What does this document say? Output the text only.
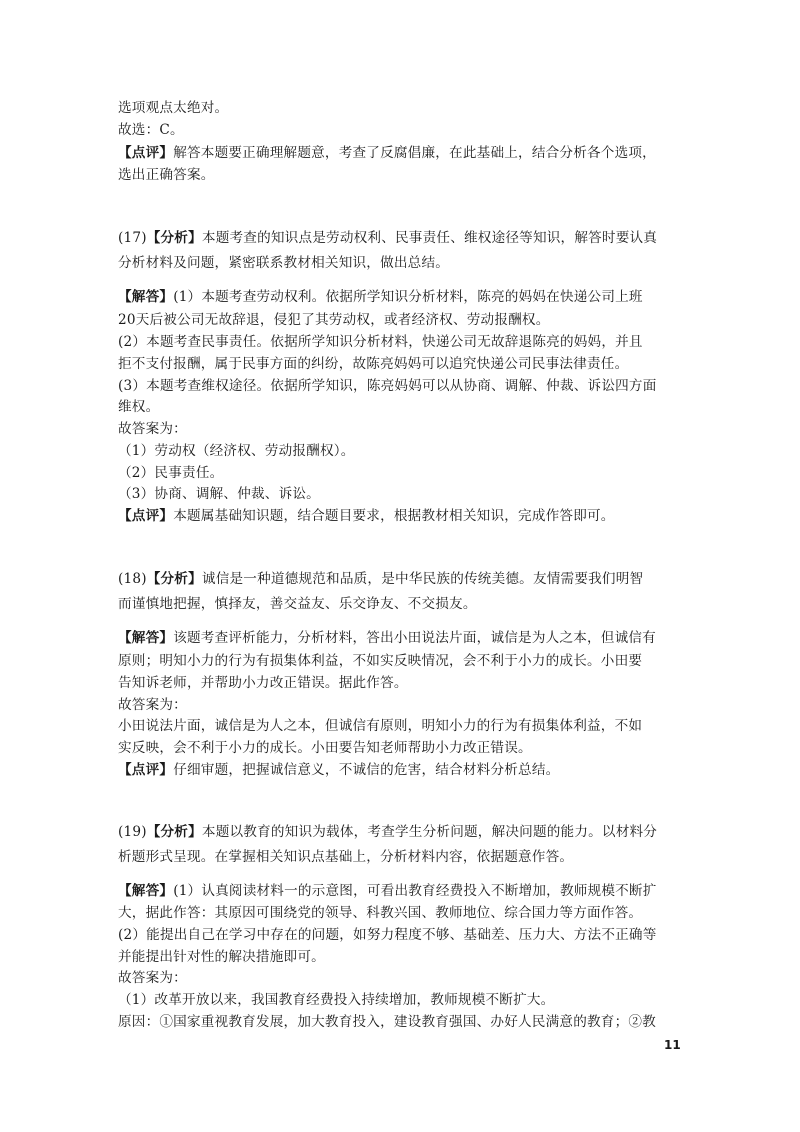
选项观点太绝对。
故选：C。
【点评】解答本题要正确理解题意，考查了反腐倡廉，在此基础上，结合分析各个选项，
选出正确答案。
(17)【分析】本题考查的知识点是劳动权利、民事责任、维权途径等知识，解答时要认真
分析材料及问题，紧密联系教材相关知识，做出总结。
【解答】(1）本题考查劳动权利。依据所学知识分析材料，陈亮的妈妈在快递公司上班
20天后被公司无故辞退，侵犯了其劳动权，或者经济权、劳动报酬权。
(2）本题考查民事责任。依据所学知识分析材料，快递公司无故辞退陈亮的妈妈，并且
拒不支付报酬，属于民事方面的纠纷，故陈亮妈妈可以追究快递公司民事法律责任。
(3）本题考查维权途径。依据所学知识，陈亮妈妈可以从协商、调解、仲裁、诉讼四方面
维权。
故答案为：
（1）劳动权（经济权、劳动报酬权）。
（2）民事责任。
（3）协商、调解、仲裁、诉讼。
【点评】本题属基础知识题，结合题目要求，根据教材相关知识，完成作答即可。
(18)【分析】诚信是一种道德规范和品质，是中华民族的传统美德。友情需要我们明智
而谨慎地把握，慎择友，善交益友、乐交诤友、不交损友。
【解答】该题考查评析能力，分析材料，答出小田说法片面，诚信是为人之本，但诚信有
原则；明知小力的行为有损集体利益，不如实反映情况，会不利于小力的成长。小田要
告知诉老师，并帮助小力改正错误。据此作答。
故答案为：
小田说法片面，诚信是为人之本，但诚信有原则，明知小力的行为有损集体利益，不如
实反映，会不利于小力的成长。小田要告知老师帮助小力改正错误。
【点评】仔细审题，把握诚信意义，不诚信的危害，结合材料分析总结。
(19)【分析】本题以教育的知识为载体，考查学生分析问题，解决问题的能力。以材料分
析题形式呈现。在掌握相关知识点基础上，分析材料内容，依据题意作答。
【解答】(1）认真阅读材料一的示意图，可看出教育经费投入不断增加，教师规模不断扩
大，据此作答：其原因可围绕党的领导、科教兴国、教师地位、综合国力等方面作答。
(2）能提出自己在学习中存在的问题，如努力程度不够、基础差、压力大、方法不正确等
并能提出针对性的解决措施即可。
故答案为：
（1）改革开放以来，我国教育经费投入持续增加，教师规模不断扩大。
原因：①国家重视教育发展，加大教育投入，建设教育强国、办好人民满意的教育；②教
11
